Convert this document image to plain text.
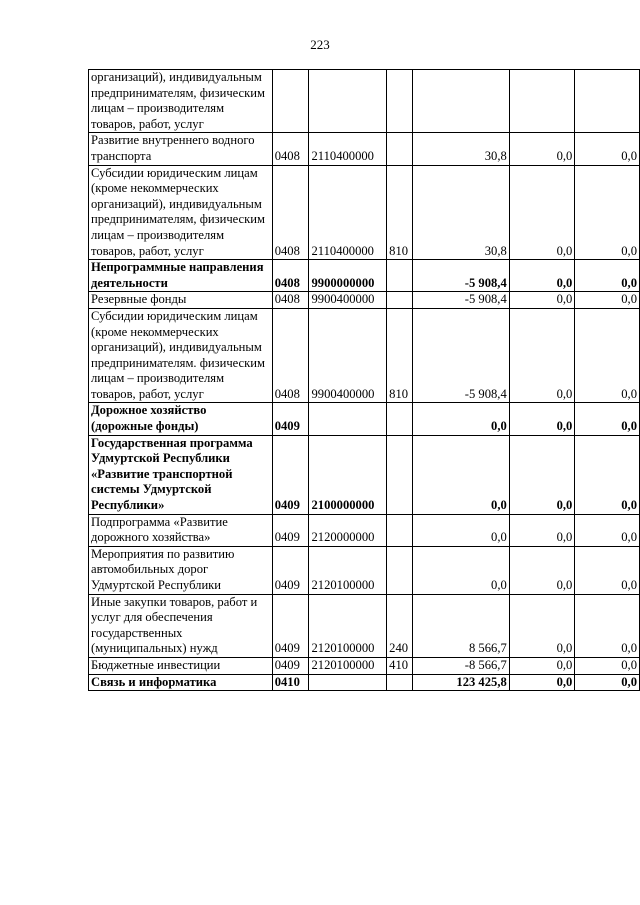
223
организаций), индивидуальным предпринимателям, физическим лицам – производителям товаров, работ, услуг						
Развитие внутреннего водного транспорта	0408	2110400000		30,8	0,0	0,0
Субсидии юридическим лицам (кроме некоммерческих организаций), индивидуальным предпринимателям, физическим лицам – производителям товаров, работ, услуг	0408	2110400000	810	30,8	0,0	0,0
Непрограммные направления деятельности	0408	9900000000		-5 908,4	0,0	0,0
Резервные фонды	0408	9900400000		-5 908,4	0,0	0,0
Субсидии юридическим лицам (кроме некоммерческих организаций), индивидуальным предпринимателям. физическим лицам – производителям товаров, работ, услуг	0408	9900400000	810	-5 908,4	0,0	0,0
Дорожное хозяйство (дорожные фонды)	0409			0,0	0,0	0,0
Государственная программа Удмуртской Республики «Развитие транспортной системы Удмуртской Республики»	0409	2100000000		0,0	0,0	0,0
Подпрограмма «Развитие дорожного хозяйства»	0409	2120000000		0,0	0,0	0,0
Мероприятия по развитию автомобильных дорог Удмуртской Республики	0409	2120100000		0,0	0,0	0,0
Иные закупки товаров, работ и услуг для обеспечения государственных (муниципальных) нужд	0409	2120100000	240	8 566,7	0,0	0,0
Бюджетные инвестиции	0409	2120100000	410	-8 566,7	0,0	0,0
Связь и информатика	0410			123 425,8	0,0	0,0
